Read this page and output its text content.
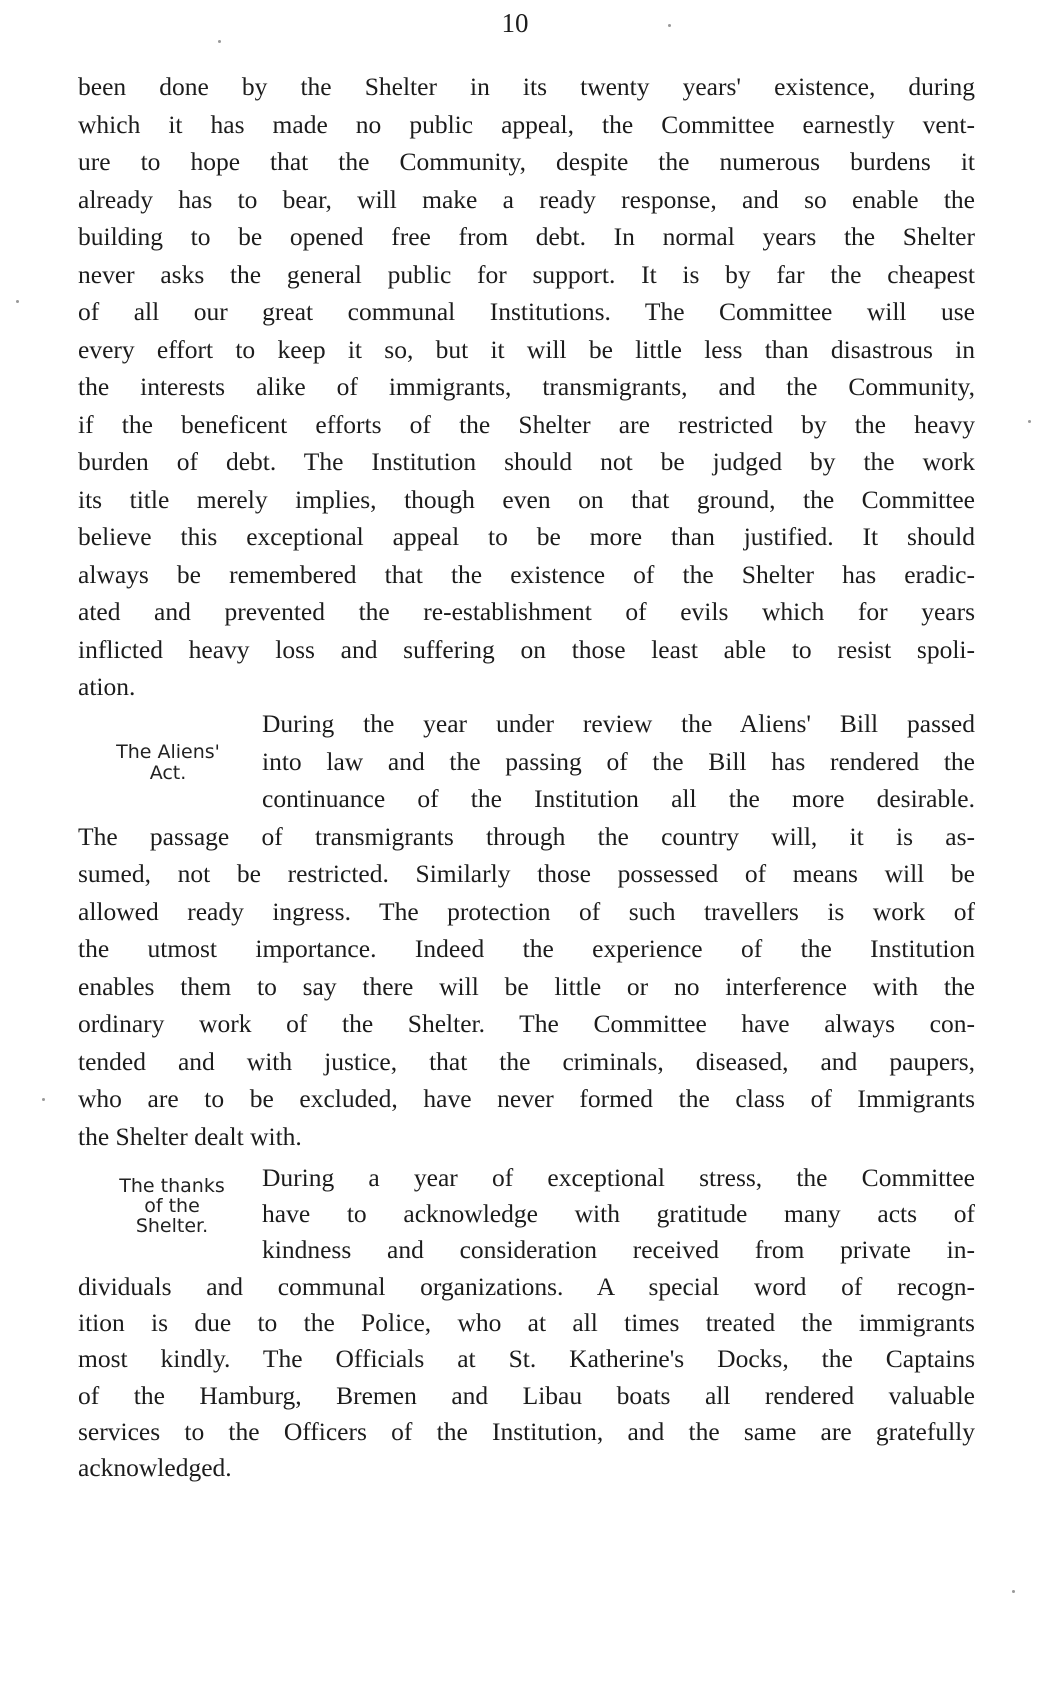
10

been done by the Shelter in its twenty years' existence, during

which it has made no public appeal, the Committee earnestly vent-

ure to hope that the Community, despite the numerous burdens it

already has to bear, will make a ready response, and so enable the

building to be opened free from debt. In normal years the Shelter

never asks the general public for support. It is by far the cheapest

of all our great communal Institutions. The Committee will use

every effort to keep it so, but it will be little less than disastrous in

the interests alike of immigrants, transmigrants, and the Community,

if the beneficent efforts of the Shelter are restricted by the heavy

burden of debt. The Institution should not be judged by the work

its title merely implies, though even on that ground, the Committee

believe this exceptional appeal to be more than justified. It should

always be remembered that the existence of the Shelter has eradic-

ated and prevented the re-establishment of evils which for years

inflicted heavy loss and suffering on those least able to resist spoli-

ation.

The Aliens'

Act.

During the year under review the Aliens' Bill passed

into law and the passing of the Bill has rendered the

continuance of the Institution all the more desirable.

The passage of transmigrants through the country will, it is as-

sumed, not be restricted. Similarly those possessed of means will be

allowed ready ingress. The protection of such travellers is work of

the utmost importance. Indeed the experience of the Institution

enables them to say there will be little or no interference with the

ordinary work of the Shelter. The Committee have always con-

tended and with justice, that the criminals, diseased, and paupers,

who are to be excluded, have never formed the class of Immigrants

the Shelter dealt with.

The thanks

of the

Shelter.

During a year of exceptional stress, the Committee

have to acknowledge with gratitude many acts of

kindness and consideration received from private in-

dividuals and communal organizations. A special word of recogn-

ition is due to the Police, who at all times treated the immigrants

most kindly. The Officials at St. Katherine's Docks, the Captains

of the Hamburg, Bremen and Libau boats all rendered valuable

services to the Officers of the Institution, and the same are gratefully

acknowledged.
